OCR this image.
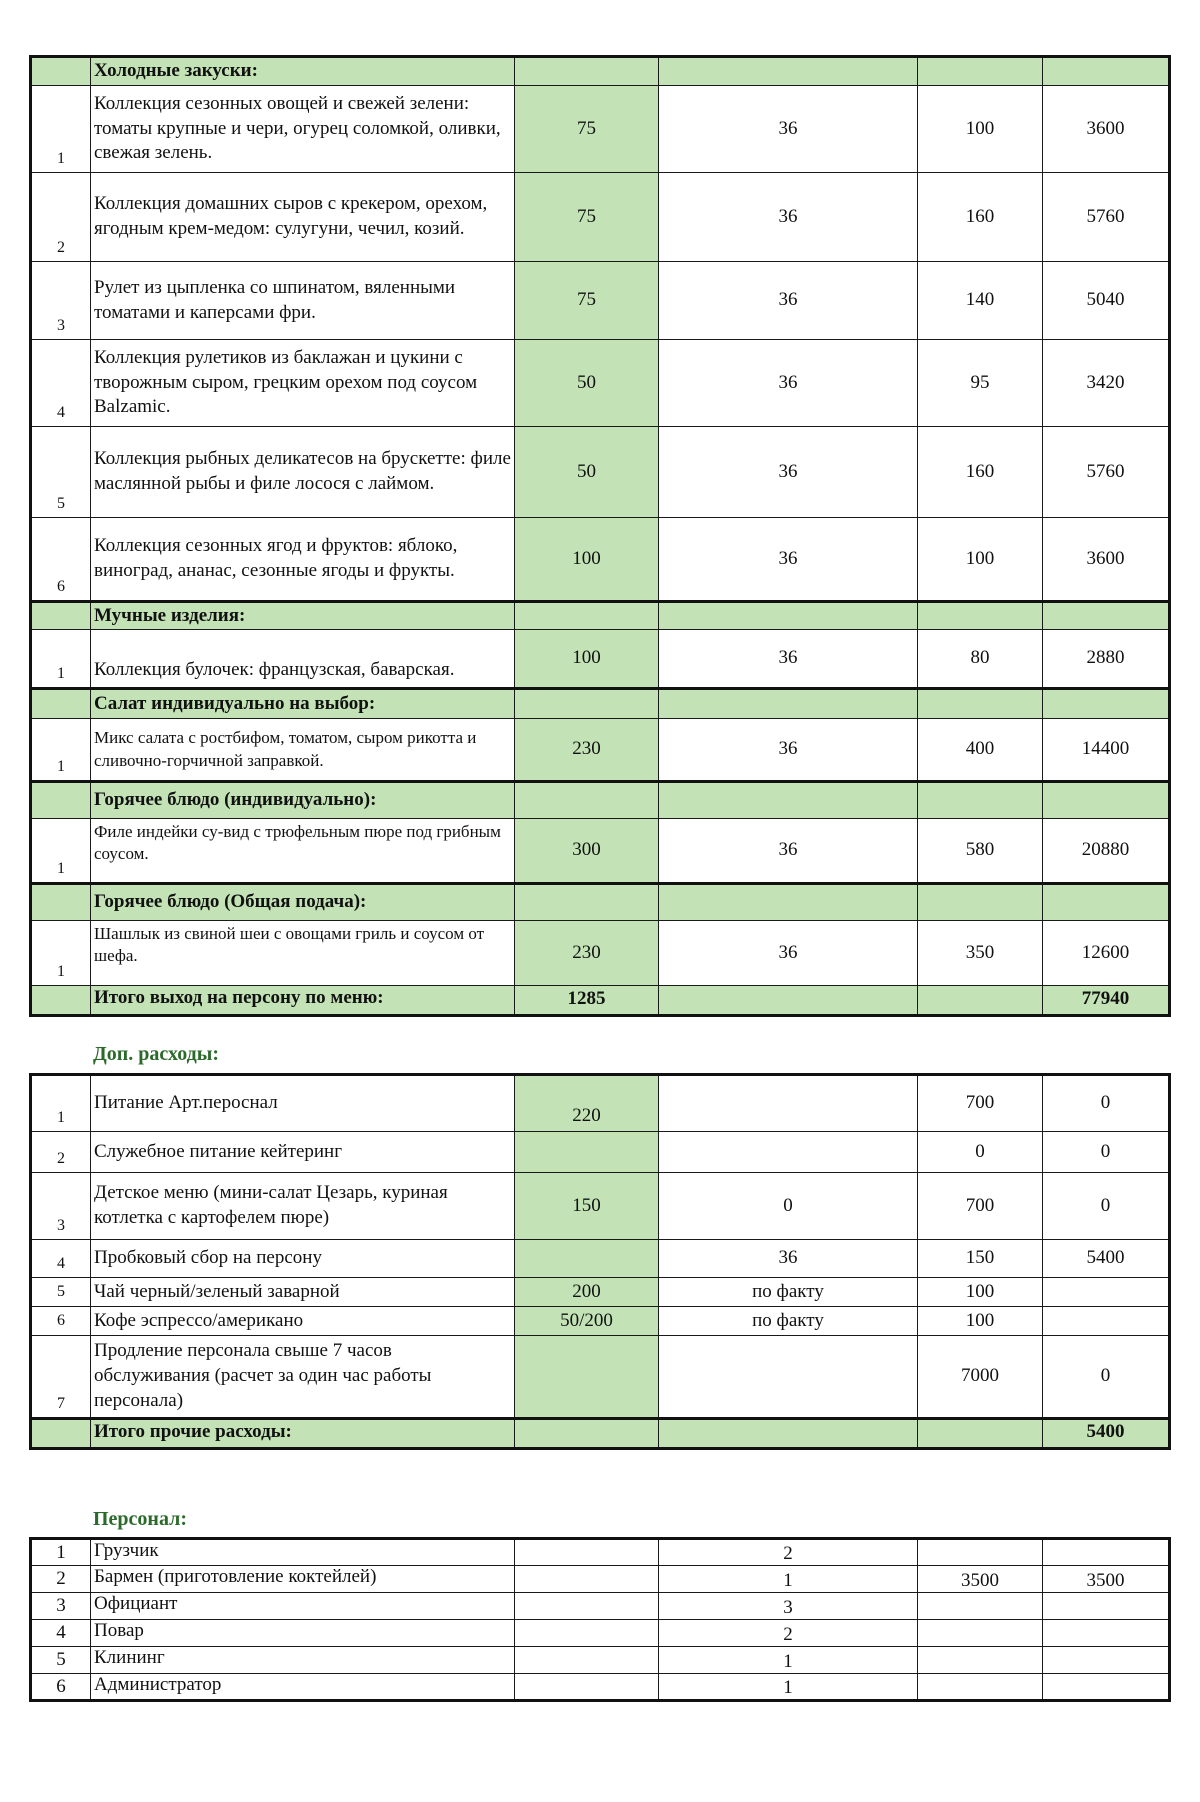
	Холодные закуски:				
1	Коллекция сезонных овощей и свежей зелени: томаты крупные и чери, огурец соломкой, оливки, свежая зелень.	75	36	100	3600
2	Коллекция домашних сыров с крекером, орехом, ягодным крем-медом: сулугуни, чечил, козий.	75	36	160	5760
3	Рулет из цыпленка со шпинатом, вяленными томатами и каперсами фри.	75	36	140	5040
4	Коллекция рулетиков из баклажан и цукини с творожным сыром, грецким орехом под соусом Balzamic.	50	36	95	3420
5	Коллекция рыбных деликатесов на брускетте: филе маслянной рыбы и филе лосося с лаймом.	50	36	160	5760
6	Коллекция сезонных ягод и фруктов: яблоко, виноград, ананас, сезонные ягоды и фрукты.	100	36	100	3600
	Мучные изделия:				
1	Коллекция булочек: французская, баварская.	100	36	80	2880
	Салат индивидуально на выбор:				
1	Микс салата с ростбифом, томатом, сыром рикотта и сливочно-горчичной заправкой.	230	36	400	14400
	Горячее блюдо (индивидуально):				
1	Филе индейки су-вид с трюфельным пюре под грибным соусом.	300	36	580	20880
	Горячее блюдо (Общая подача):				
1	Шашлык из свиной шеи с овощами гриль и соусом от шефа.	230	36	350	12600
	Итого выход на персону по меню:	1285			77940
Доп. расходы:
1	Питание Арт.пероснал	220		700	0
2	Служебное питание кейтеринг			0	0
3	Детское меню (мини-салат Цезарь, куриная котлетка с картофелем пюре)	150	0	700	0
4	Пробковый сбор на персону		36	150	5400
5	Чай черный/зеленый заварной	200	по факту	100	
6	Кофе эспрессо/американо	50/200	по факту	100	
7	Продление персонала свыше 7 часов обслуживания (расчет за один час работы персонала)			7000	0
	Итого прочие расходы:				5400
Персонал:
1	Грузчик		2		
2	Бармен (приготовление коктейлей)		1	3500	3500
3	Официант		3		
4	Повар		2		
5	Клининг		1		
6	Администратор		1		
